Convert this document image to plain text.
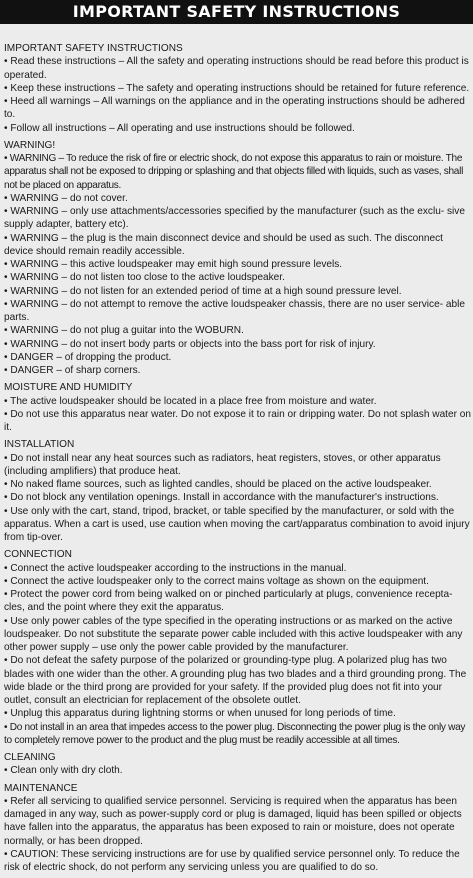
IMPORTANT SAFETY INSTRUCTIONS
IMPORTANT SAFETY INSTRUCTIONS
• Read these instructions – All the safety and operating instructions should be read before this product is operated.
• Keep these instructions – The safety and operating instructions should be retained for future reference.
• Heed all warnings – All warnings on the appliance and in the operating instructions should be adhered to.
• Follow all instructions – All operating and use instructions should be followed.
WARNING!
• WARNING – To reduce the risk of fire or electric shock, do not expose this apparatus to rain or moisture. The apparatus shall not be exposed to dripping or splashing and that objects filled with liquids, such as vases, shall not be placed on apparatus.
• WARNING – do not cover.
• WARNING – only use attachments/accessories specified by the manufacturer (such as the exclu- sive supply adapter, battery etc).
• WARNING – the plug is the main disconnect device and should be used as such. The disconnect device should remain readily accessible.
• WARNING – this active loudspeaker may emit high sound pressure levels.
• WARNING – do not listen too close to the active loudspeaker.
• WARNING – do not listen for an extended period of time at a high sound pressure level.
• WARNING – do not attempt to remove the active loudspeaker chassis, there are no user service- able parts.
• WARNING – do not plug a guitar into the WOBURN.
• WARNING – do not insert body parts or objects into the bass port for risk of injury.
• DANGER – of dropping the product.
• DANGER – of sharp corners.
MOISTURE AND HUMIDITY
• The active loudspeaker should be located in a place free from moisture and water.
• Do not use this apparatus near water. Do not expose it to rain or dripping water. Do not splash water on it.
INSTALLATION
• Do not install near any heat sources such as radiators, heat registers, stoves, or other apparatus (including amplifiers) that produce heat.
• No naked flame sources, such as lighted candles, should be placed on the active loudspeaker.
• Do not block any ventilation openings. Install in accordance with the manufacturer's instructions.
• Use only with the cart, stand, tripod, bracket, or table specified by the manufacturer, or sold with the apparatus. When a cart is used, use caution when moving the cart/apparatus combination to avoid injury from tip-over.
CONNECTION
• Connect the active loudspeaker according to the instructions in the manual.
• Connect the active loudspeaker only to the correct mains voltage as shown on the equipment.
• Protect the power cord from being walked on or pinched particularly at plugs, convenience recepta- cles, and the point where they exit the apparatus.
• Use only power cables of the type specified in the operating instructions or as marked on the active loudspeaker. Do not substitute the separate power cable included with this active loudspeaker with any other power supply – use only the power cable provided by the manufacturer.
• Do not defeat the safety purpose of the polarized or grounding-type plug. A polarized plug has two blades with one wider than the other. A grounding plug has two blades and a third grounding prong. The wide blade or the third prong are provided for your safety. If the provided plug does not fit into your outlet, consult an electrician for replacement of the obsolete outlet.
• Unplug this apparatus during lightning storms or when unused for long periods of time.
• Do not install in an area that impedes access to the power plug. Disconnecting the power plug is the only way to completely remove power to the product and the plug must be readily accessible at all times.
CLEANING
• Clean only with dry cloth.
MAINTENANCE
• Refer all servicing to qualified service personnel. Servicing is required when the apparatus has been damaged in any way, such as power-supply cord or plug is damaged, liquid has been spilled or objects have fallen into the apparatus, the apparatus has been exposed to rain or moisture, does not operate normally, or has been dropped.
• CAUTION: These servicing instructions are for use by qualified service personnel only. To reduce the risk of electric shock, do not perform any servicing unless you are qualified to do so.
